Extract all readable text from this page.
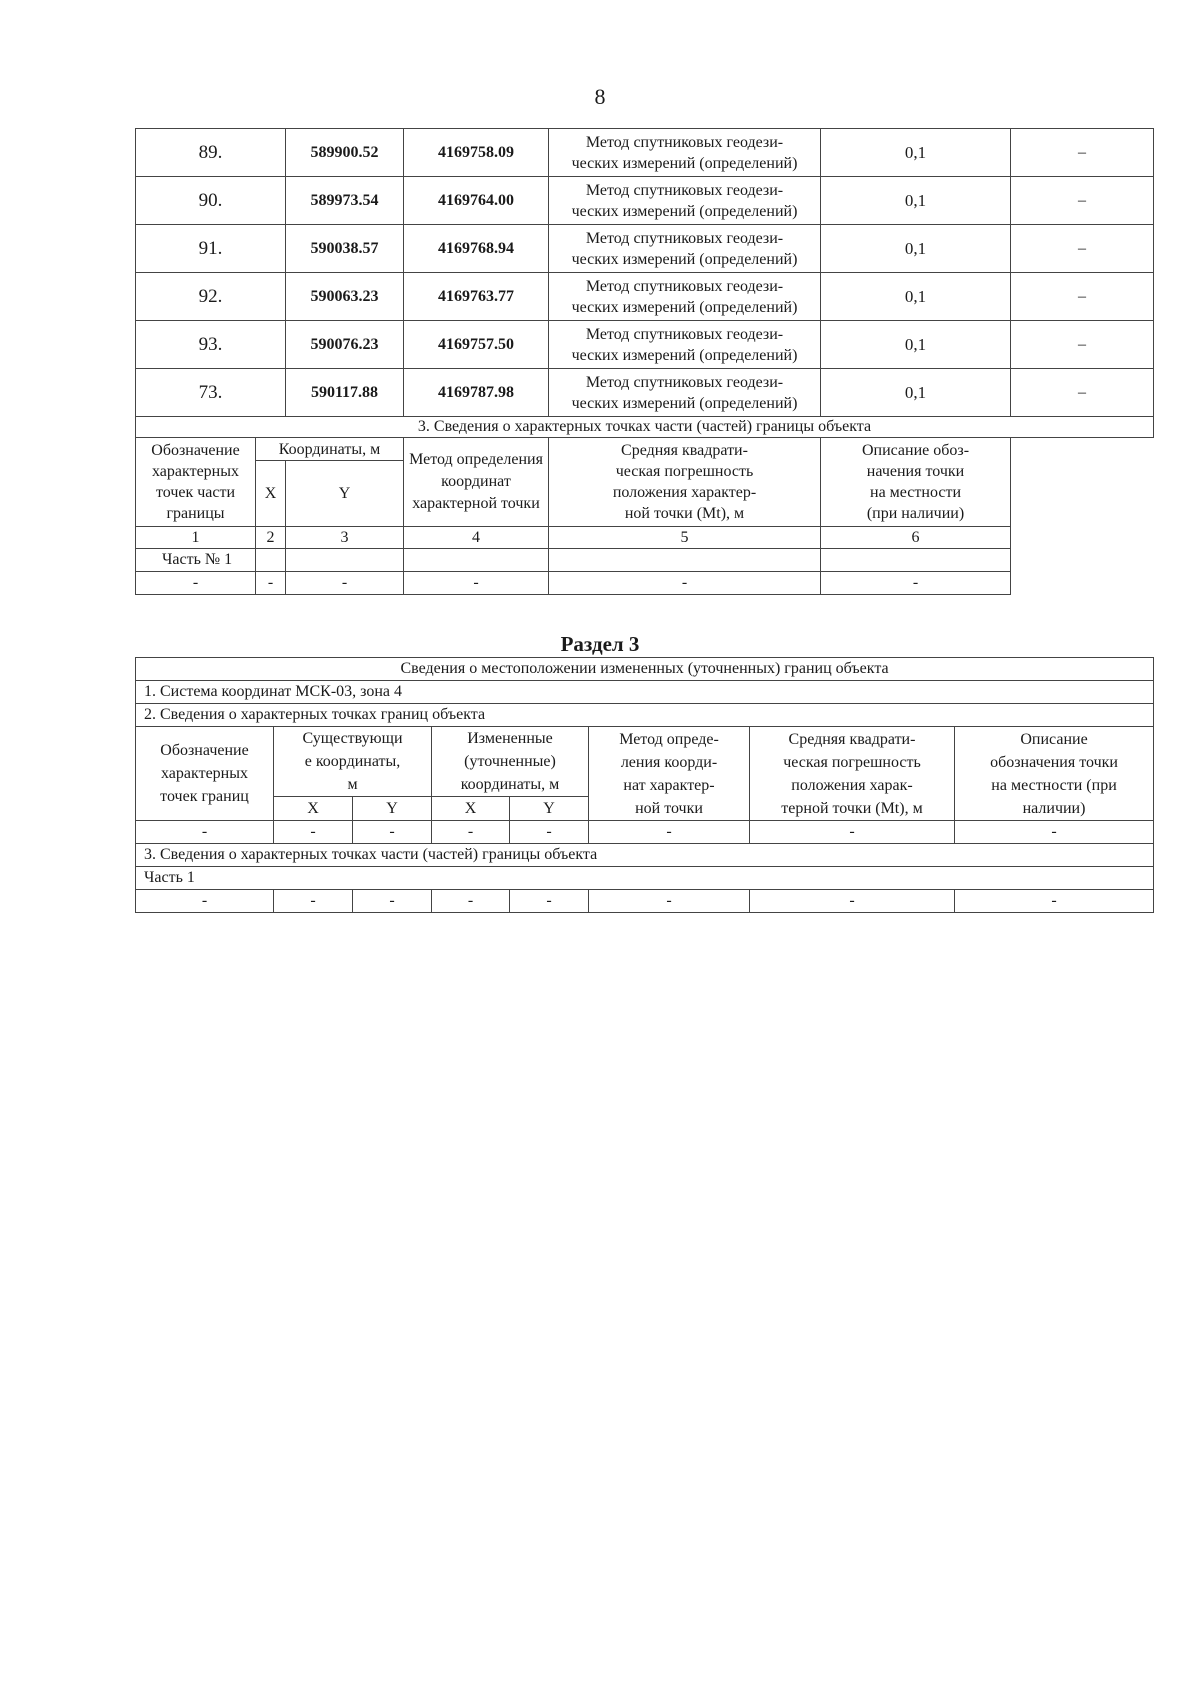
8
89.		589900.52	4169758.09	Метод спутниковых геодези-
ческих измерений (определений)	0,1	–
90.		589973.54	4169764.00	Метод спутниковых геодези-
ческих измерений (определений)	0,1	–
91.		590038.57	4169768.94	Метод спутниковых геодези-
ческих измерений (определений)	0,1	–
92.		590063.23	4169763.77	Метод спутниковых геодези-
ческих измерений (определений)	0,1	–
93.		590076.23	4169757.50	Метод спутниковых геодези-
ческих измерений (определений)	0,1	–
73.		590117.88	4169787.98	Метод спутниковых геодези-
ческих измерений (определений)	0,1	–
3. Сведения о характерных точках части (частей) границы объекта						
Обозначение
характерных
точек части
границы	Координаты, м		Метод определения координат
характерной точки	Средняя квадрати-
ческая погрешность
положения характер-
ной точки (Mt), м	Описание обоз-
начения точки
на местности
(при наличии)	
	X	Y				
1	2	3	4	5	6	
Часть № 1						
-	-	-	-	-	-	
Раздел 3
Сведения о местоположении измененных (уточненных) границ объекта							
1. Система координат МСК-03, зона 4							
2. Сведения о характерных точках границ объекта							
Обозначение
характерных
точек границ	Существующи
е координаты,
м		Измененные
(уточненные)
координаты, м		Метод опреде-
ления коорди-
нат характер-
ной точки	Средняя квадрати-
ческая погрешность
положения харак-
терной точки (Mt), м	Описание
обозначения точки
на местности (при
наличии)
	X	Y	X	Y			
-	-	-	-	-	-	-	-
3. Сведения о характерных точках части (частей) границы объекта							
Часть 1							
-	-	-	-	-	-	-	-
